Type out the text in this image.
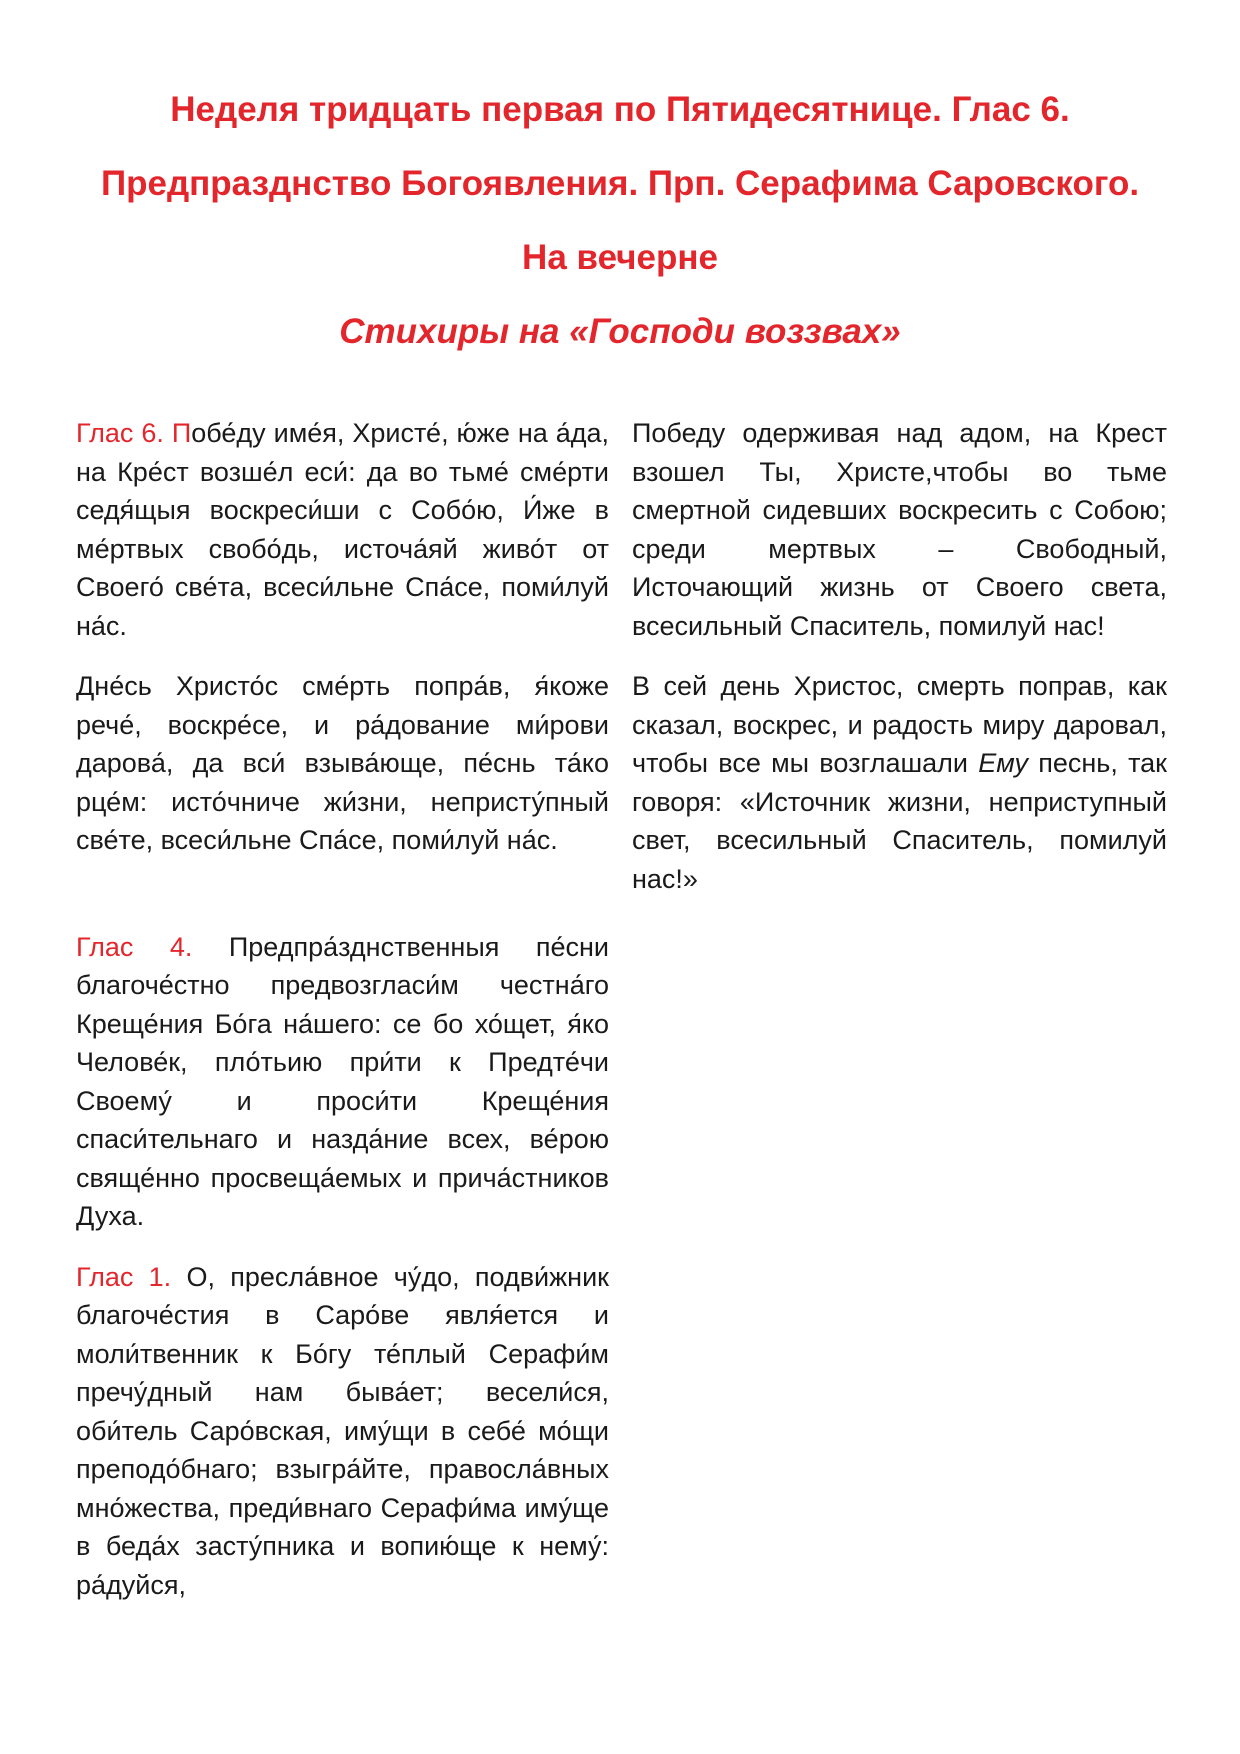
Неделя тридцать первая по Пятидесятнице. Глас 6.
Предпразднство Богоявления. Прп. Серафима Саровского.
На вечерне
Стихиры на «Господи воззвах»

Глас 6. Побе́ду име́я, Христе́, ю́же на а́да, на Кре́ст возше́л еси́: да во тьме́ сме́рти седя́щыя воскреси́ши с Собо́ю, И́же в ме́ртвых свобо́дь, источа́яй живо́т от Своего́ све́та, всеси́льне Спа́се, поми́луй на́с.

Дне́сь Христо́с сме́рть попра́в, я́коже рече́, воскре́се, и ра́дование ми́рови дарова́, да вси́ взыва́юще, пе́снь та́ко рце́м: исто́чниче жи́зни, непристу́пный све́те, всеси́льне Спа́се, поми́луй на́с.

Глас 4. Предпра́зднственныя пе́сни благоче́стно предвозгласи́м честна́го Креще́ния Бо́га на́шего: се бо хо́щет, я́ко Челове́к, пло́тьию при́ти к Предте́чи Своему́ и проси́ти Креще́ния спаси́тельнаго и назда́ние всех, ве́рою свяще́нно просвеща́емых и прича́стников Духа.

Глас 1. О, пресла́вное чу́до, подви́жник благоче́стия в Саро́ве явля́ется и моли́твенник к Бо́гу те́плый Серафи́м пречу́дный нам быва́ет; весели́ся, оби́тель Саро́вская, иму́щи в себе́ мо́щи преподо́бнаго; взыгра́йте, правосла́вных мно́жества, преди́внаго Серафи́ма иму́ще в беда́х засту́пника и вопию́ще к нему́: ра́дуйся,

Победу одерживая над адом, на Крест взошел Ты, Христе,чтобы во тьме смертной сидевших воскресить с Собою; среди мертвых – Свободный, Источающий жизнь от Своего света, всесильный Спаситель, помилуй нас!

В сей день Христос, смерть поправ, как сказал, воскрес, и радость миру даровал, чтобы все мы возглашали Ему песнь, так говоря: «Источник жизни, неприступный свет, всесильный Спаситель, помилуй нас!»
